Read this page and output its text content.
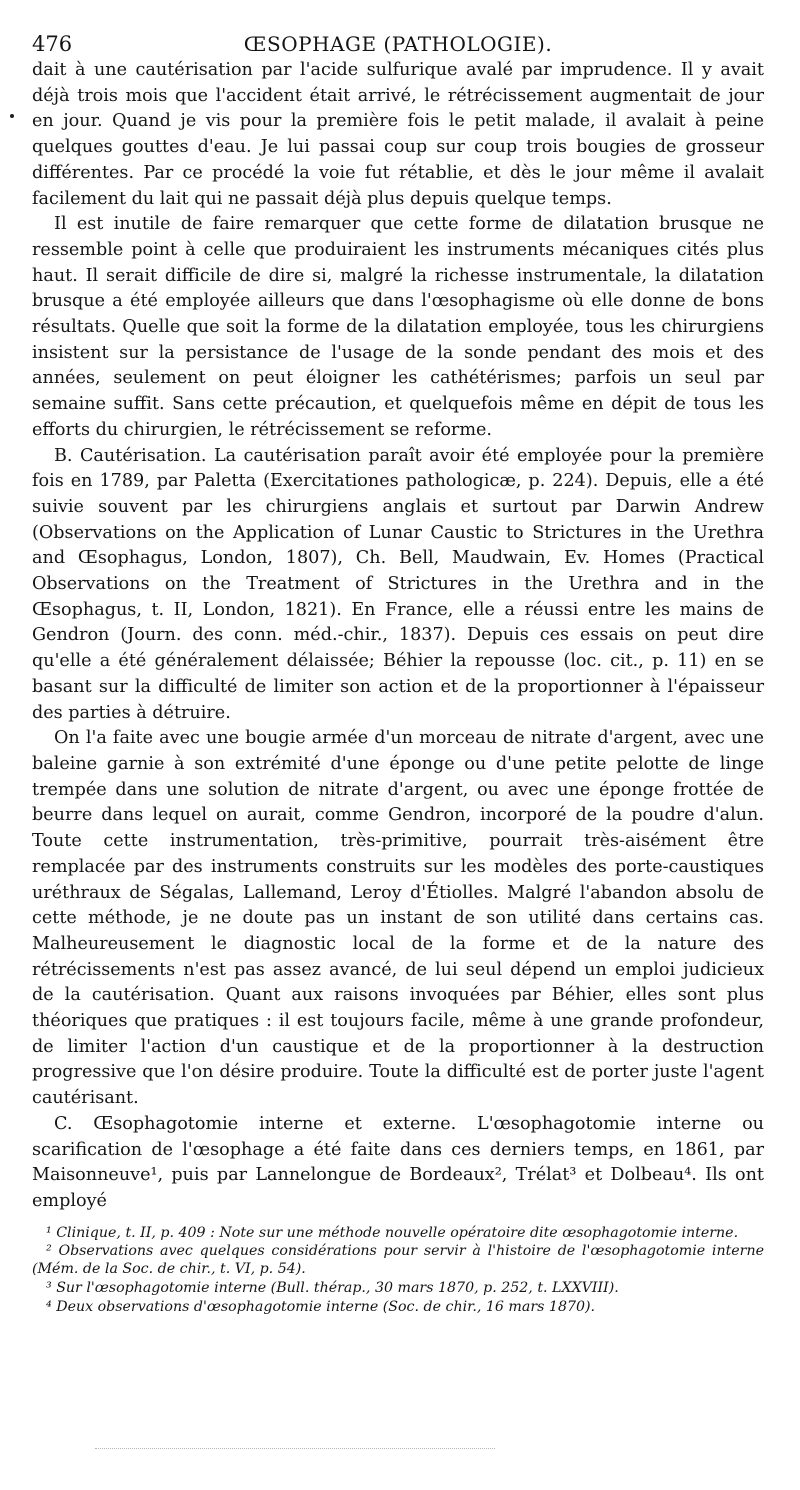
476	ŒSOPHAGE (PATHOLOGIE).

dait à une cautérisation par l'acide sulfurique avalé par imprudence. Il y avait déjà trois mois que l'accident était arrivé, le rétrécissement augmentait de jour en jour. Quand je vis pour la première fois le petit malade, il avalait à peine quelques gouttes d'eau. Je lui passai coup sur coup trois bougies de grosseur différentes. Par ce procédé la voie fut rétablie, et dès le jour même il avalait facilement du lait qui ne passait déjà plus depuis quelque temps.

Il est inutile de faire remarquer que cette forme de dilatation brusque ne ressemble point à celle que produiraient les instruments mécaniques cités plus haut. Il serait difficile de dire si, malgré la richesse instrumentale, la dilatation brusque a été employée ailleurs que dans l'œsophagisme où elle donne de bons résultats. Quelle que soit la forme de la dilatation employée, tous les chirurgiens insistent sur la persistance de l'usage de la sonde pendant des mois et des années, seulement on peut éloigner les cathétérismes; parfois un seul par semaine suffit. Sans cette précaution, et quelquefois même en dépit de tous les efforts du chirurgien, le rétrécissement se reforme.

B. Cautérisation. La cautérisation paraît avoir été employée pour la première fois en 1789, par Paletta (Exercitationes pathologicæ, p. 224). Depuis, elle a été suivie souvent par les chirurgiens anglais et surtout par Darwin Andrew (Observations on the Application of Lunar Caustic to Strictures in the Urethra and Œsophagus, London, 1807), Ch. Bell, Maudwain, Ev. Homes (Practical Observations on the Treatment of Strictures in the Urethra and in the Œsophagus, t. II, London, 1821). En France, elle a réussi entre les mains de Gendron (Journ. des conn. méd.-chir., 1837). Depuis ces essais on peut dire qu'elle a été généralement délaissée; Béhier la repousse (loc. cit., p. 11) en se basant sur la difficulté de limiter son action et de la proportionner à l'épaisseur des parties à détruire.

On l'a faite avec une bougie armée d'un morceau de nitrate d'argent, avec une baleine garnie à son extrémité d'une éponge ou d'une petite pelotte de linge trempée dans une solution de nitrate d'argent, ou avec une éponge frottée de beurre dans lequel on aurait, comme Gendron, incorporé de la poudre d'alun. Toute cette instrumentation, très-primitive, pourrait très-aisément être remplacée par des instruments construits sur les modèles des porte-caustiques uréthraux de Ségalas, Lallemand, Leroy d'Étiolles. Malgré l'abandon absolu de cette méthode, je ne doute pas un instant de son utilité dans certains cas. Malheureusement le diagnostic local de la forme et de la nature des rétrécissements n'est pas assez avancé, de lui seul dépend un emploi judicieux de la cautérisation. Quant aux raisons invoquées par Béhier, elles sont plus théoriques que pratiques : il est toujours facile, même à une grande profondeur, de limiter l'action d'un caustique et de la proportionner à la destruction progressive que l'on désire produire. Toute la difficulté est de porter juste l'agent cautérisant.

C. Œsophagotomie interne et externe. L'œsophagotomie interne ou scarification de l'œsophage a été faite dans ces derniers temps, en 1861, par Maisonneuve¹, puis par Lannelongue de Bordeaux², Trélat³ et Dolbeau⁴. Ils ont employé

¹ Clinique, t. II, p. 409 : Note sur une méthode nouvelle opératoire dite œsophagotomie interne.

² Observations avec quelques considérations pour servir à l'histoire de l'œsophagotomie interne (Mém. de la Soc. de chir., t. VI, p. 54).

³ Sur l'œsophagotomie interne (Bull. thérap., 30 mars 1870, p. 252, t. LXXVIII).

⁴ Deux observations d'œsophagotomie interne (Soc. de chir., 16 mars 1870).
